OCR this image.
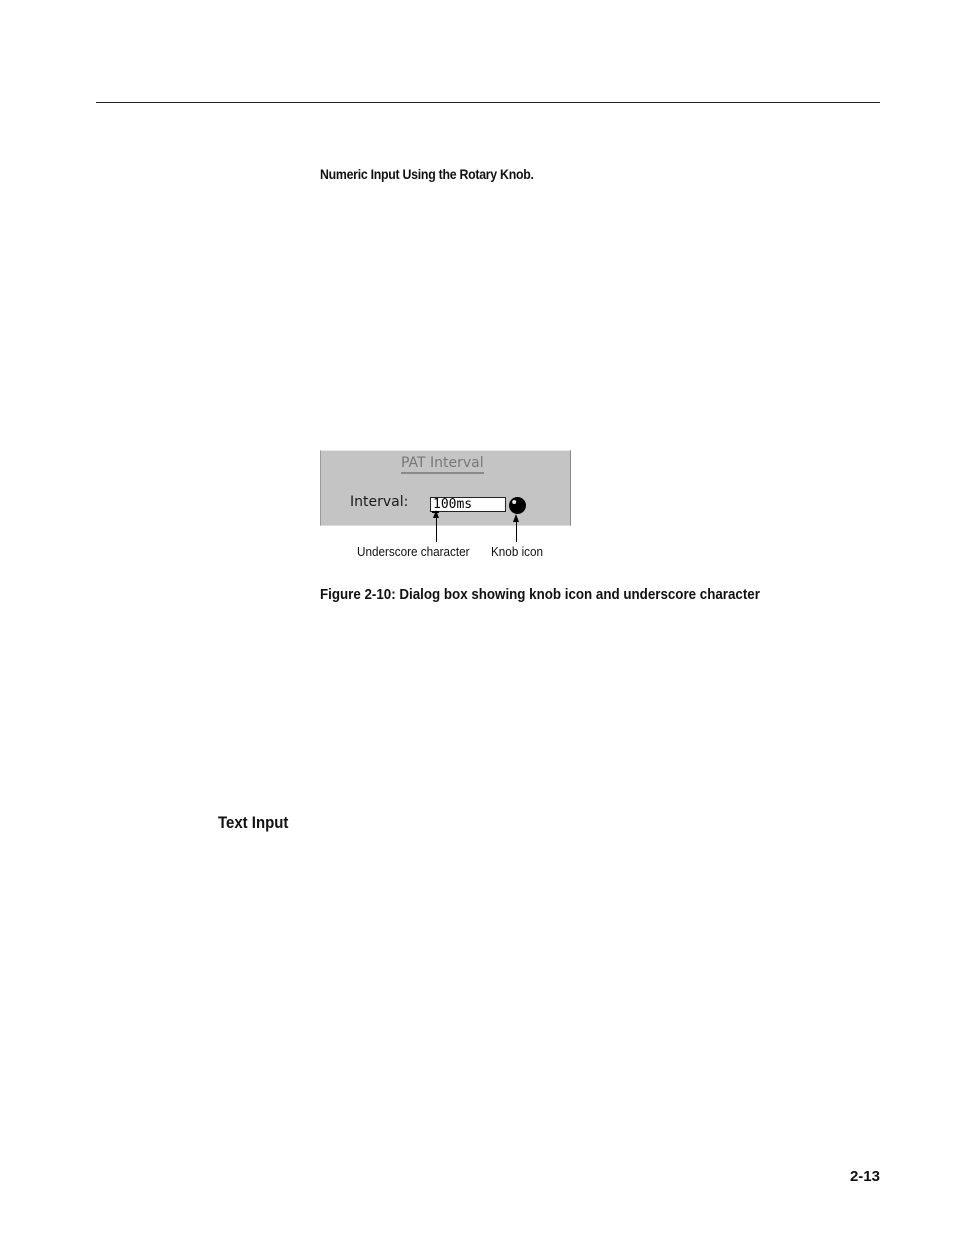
Numeric Input Using the Rotary Knob.
PAT Interval
Interval: 100ms
Underscore character Knob icon
Figure 2-10: Dialog box showing knob icon and underscore character
Text Input
2-13
